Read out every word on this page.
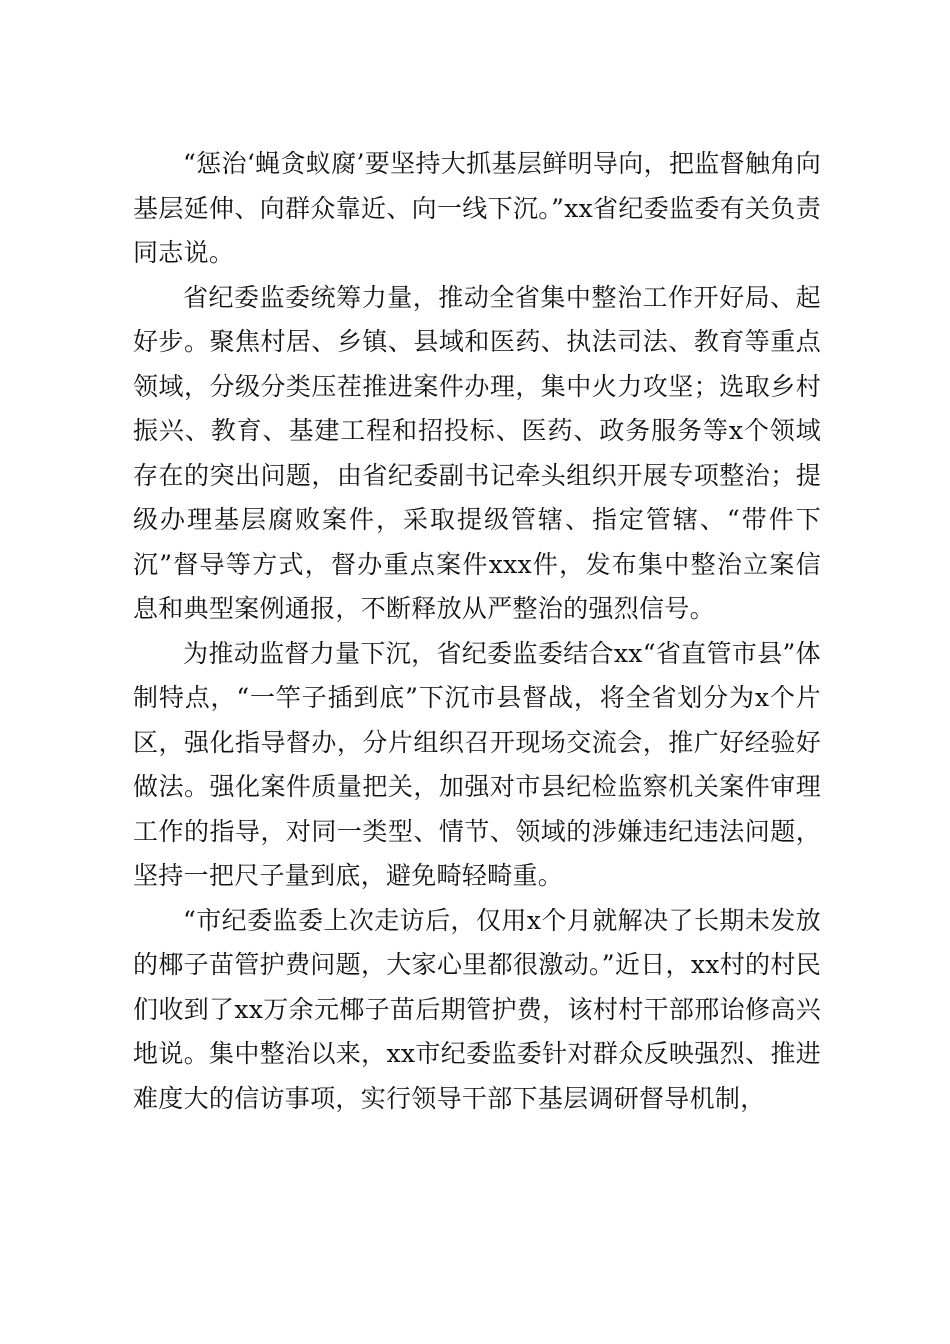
“惩治‘蝇贪蚁腐’要坚持大抓基层鲜明导向，把监督触角向基层延伸、向群众靠近、向一线下沉。”xx省纪委监委有关负责同志说。

省纪委监委统筹力量，推动全省集中整治工作开好局、起好步。聚焦村居、乡镇、县域和医药、执法司法、教育等重点领域，分级分类压茬推进案件办理，集中火力攻坚；选取乡村振兴、教育、基建工程和招投标、医药、政务服务等x个领域存在的突出问题，由省纪委副书记牵头组织开展专项整治；提级办理基层腐败案件，采取提级管辖、指定管辖、“带件下沉”督导等方式，督办重点案件xxx件，发布集中整治立案信息和典型案例通报，不断释放从严整治的强烈信号。

为推动监督力量下沉，省纪委监委结合xx“省直管市县”体制特点，“一竿子插到底”下沉市县督战，将全省划分为x个片区，强化指导督办，分片组织召开现场交流会，推广好经验好做法。强化案件质量把关，加强对市县纪检监察机关案件审理工作的指导，对同一类型、情节、领域的涉嫌违纪违法问题，坚持一把尺子量到底，避免畸轻畸重。

“市纪委监委上次走访后，仅用x个月就解决了长期未发放的椰子苗管护费问题，大家心里都很激动。”近日，xx村的村民们收到了xx万余元椰子苗后期管护费，该村村干部邢诒修高兴地说。集中整治以来，xx市纪委监委针对群众反映强烈、推进难度大的信访事项，实行领导干部下基层调研督导机制，
